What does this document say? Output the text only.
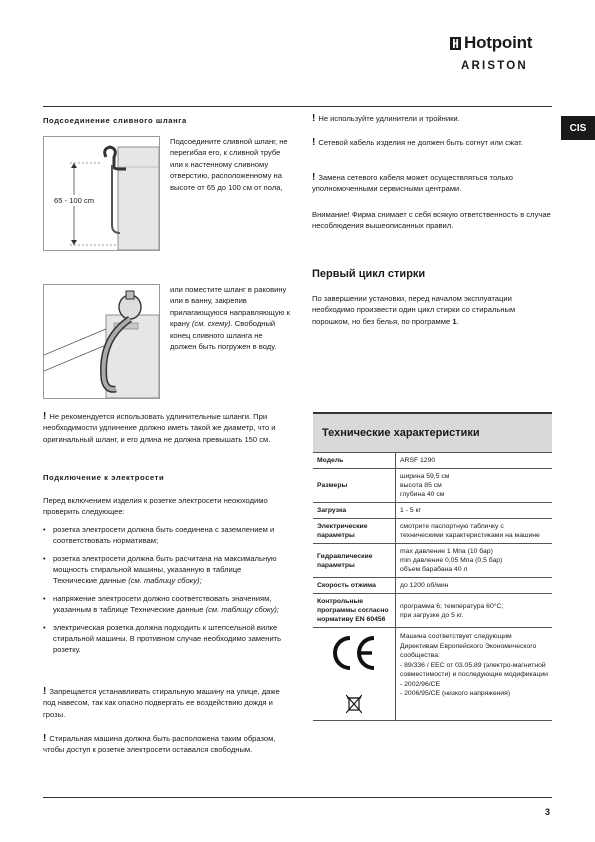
Hotpoint
ARISTON
CIS
Подсоединение сливного шланга
65 - 100 cm
Подсоедините сливной шланг, не перегибая его, к сливной трубе или к настенному сливному отверстию, расположенному на высоте от 65 до 100 см от пола,
или поместите шланг в раковину или в ванну, закрепив прилагающуюся направляющую к крану (см. схему). Свободный конец сливного шланга не должен быть погружен в воду.
! Не рекомендуется использовать удлинительные шланги. При необходимости удлинение должно иметь такой же диаметр, что и оригинальный шланг, и его длина не должна превышать 150 см.
Подключение к электросети

Перед включением изделия к розетке электросети неоюходимо проверить следующее:

• розетка электросети должна быть соединена с заземлением и соответствовать нормативам;
• розетка электросети должна быть расчитана на максимальную мощность стиральной машины, указанную в таблице Технические данные (см. таблицу сбоку);
• напряжение электросети должно соответствовать значениям, указанным в таблице Технические данные (см. таблицу сбоку);
• электрическая розетка должна подходить к штепсельной вилке стиральной машины. В противном случае необходимо заменить розетку.
! Запрещается устанавливать стиральную машину на улице, даже под навесом, так как опасно подвергать ее воздействию дождя и грозы.
! Стиральная машина должна быть расположена таким образом, чтобы доступ к розетке электросети оставался свободным.
! Не используйте удлинители и тройники.
! Сетевой кабель изделия не должен быть согнут или сжат.
! Замена сетевого кабеля может осуществляться только уполномоченными сервисными центрами.
Внимание! Фирма снимает с себя всякую ответственность в случае несоблюдения вышеописанных правил.
Первый цикл стирки
По завершении установки, перед началом эксплуатации необходимо произвести один цикл стирки со стиральным порошком, но без белья, по программе 1.
Технические характеристики
Модель	ARSF 1290
Размеры	ширина 59,5 см
высота 85 см
глубина 40 см
Загрузка	1 - 5 кг
Электрические параметры	смотрите паспортную табличку с техническими характеристиками на машине
Гидравлические параметры	max давление 1 Мпа (10 бар)
min давление 0,05 Мпа (0,5 бар)
объем барабана 40 л
Скорость отжима	до 1200 об/мин
Контрольные программы согласно нормативу EN 60456	программа 6; температура 60°C;
при загрузке до 5 кг.
Машина соответствует следующим Директивам Европейского Экономического сообщества:
- 89/336 / EEC от 03.05.89 (электро-магнитной совместимости) и последующие модификации
- 2002/96/CE
- 2006/95/CE (низкого напряжения)
3
